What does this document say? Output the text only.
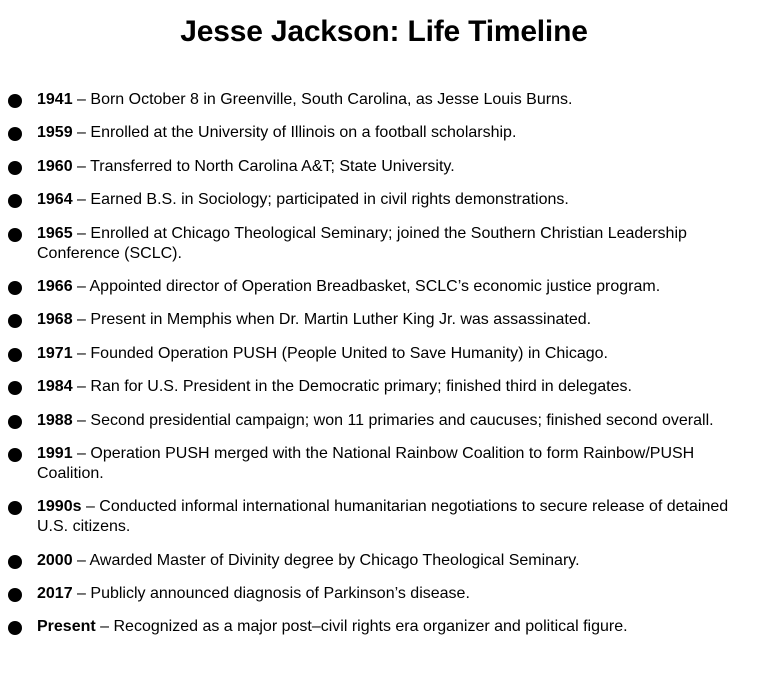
Jesse Jackson: Life Timeline
1941 – Born October 8 in Greenville, South Carolina, as Jesse Louis Burns.
1959 – Enrolled at the University of Illinois on a football scholarship.
1960 – Transferred to North Carolina A&T; State University.
1964 – Earned B.S. in Sociology; participated in civil rights demonstrations.
1965 – Enrolled at Chicago Theological Seminary; joined the Southern Christian Leadership Conference (SCLC).
1966 – Appointed director of Operation Breadbasket, SCLC’s economic justice program.
1968 – Present in Memphis when Dr. Martin Luther King Jr. was assassinated.
1971 – Founded Operation PUSH (People United to Save Humanity) in Chicago.
1984 – Ran for U.S. President in the Democratic primary; finished third in delegates.
1988 – Second presidential campaign; won 11 primaries and caucuses; finished second overall.
1991 – Operation PUSH merged with the National Rainbow Coalition to form Rainbow/PUSH Coalition.
1990s – Conducted informal international humanitarian negotiations to secure release of detained U.S. citizens.
2000 – Awarded Master of Divinity degree by Chicago Theological Seminary.
2017 – Publicly announced diagnosis of Parkinson’s disease.
Present – Recognized as a major post–civil rights era organizer and political figure.
